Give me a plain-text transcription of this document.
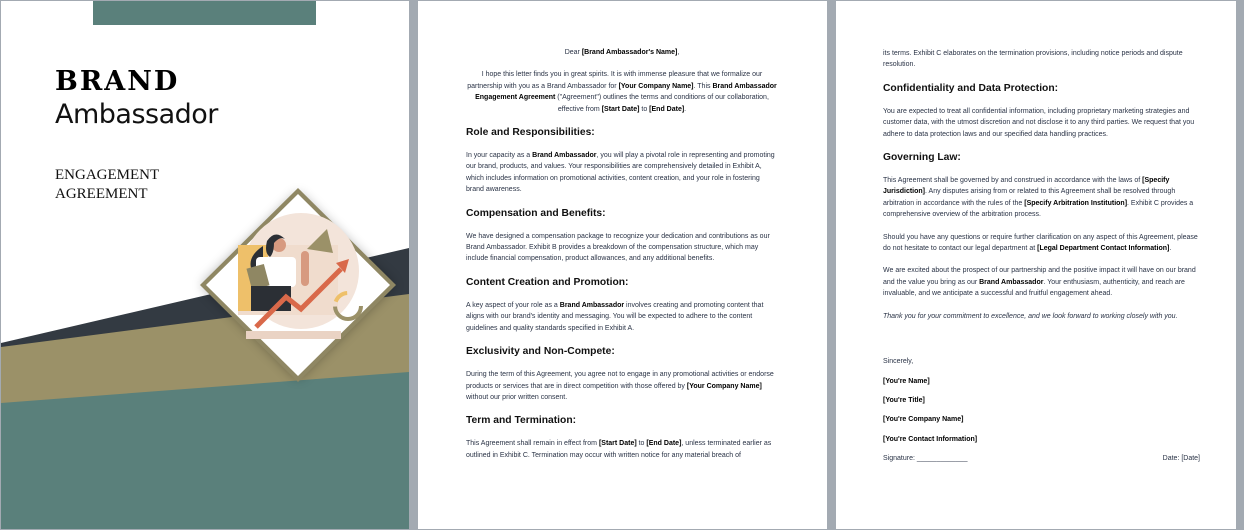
BRAND
Ambassador
ENGAGEMENT
AGREEMENT

Dear [Brand Ambassador's Name],

I hope this letter finds you in great spirits. It is with immense pleasure that we formalize our partnership with you as a Brand Ambassador for [Your Company Name]. This Brand Ambassador Engagement Agreement ("Agreement") outlines the terms and conditions of our collaboration, effective from [Start Date] to [End Date].

Role and Responsibilities:

In your capacity as a Brand Ambassador, you will play a pivotal role in representing and promoting our brand, products, and values. Your responsibilities are comprehensively detailed in Exhibit A, which includes information on promotional activities, content creation, and your role in fostering brand awareness.

Compensation and Benefits:

We have designed a compensation package to recognize your dedication and contributions as our Brand Ambassador. Exhibit B provides a breakdown of the compensation structure, which may include financial compensation, product allowances, and any additional benefits.

Content Creation and Promotion:

A key aspect of your role as a Brand Ambassador involves creating and promoting content that aligns with our brand's identity and messaging. You will be expected to adhere to the content guidelines and quality standards specified in Exhibit A.

Exclusivity and Non-Compete:

During the term of this Agreement, you agree not to engage in any promotional activities or endorse products or services that are in direct competition with those offered by [Your Company Name] without our prior written consent.

Term and Termination:

This Agreement shall remain in effect from [Start Date] to [End Date], unless terminated earlier as outlined in Exhibit C. Termination may occur with written notice for any material breach of

its terms. Exhibit C elaborates on the termination provisions, including notice periods and dispute resolution.

Confidentiality and Data Protection:

You are expected to treat all confidential information, including proprietary marketing strategies and customer data, with the utmost discretion and not disclose it to any third parties. We request that you adhere to data protection laws and our specified data handling practices.

Governing Law:

This Agreement shall be governed by and construed in accordance with the laws of [Specify Jurisdiction]. Any disputes arising from or related to this Agreement shall be resolved through arbitration in accordance with the rules of the [Specify Arbitration Institution]. Exhibit C provides a comprehensive overview of the arbitration process.

Should you have any questions or require further clarification on any aspect of this Agreement, please do not hesitate to contact our legal department at [Legal Department Contact Information].

We are excited about the prospect of our partnership and the positive impact it will have on our brand and the value you bring as our Brand Ambassador. Your enthusiasm, authenticity, and reach are invaluable, and we anticipate a successful and fruitful engagement ahead.

Thank you for your commitment to excellence, and we look forward to working closely with you.

Sincerely,

[You're Name]

[You're Title]

[You're Company Name]

[You're Contact Information]

Signature: _____________	Date: [Date]
